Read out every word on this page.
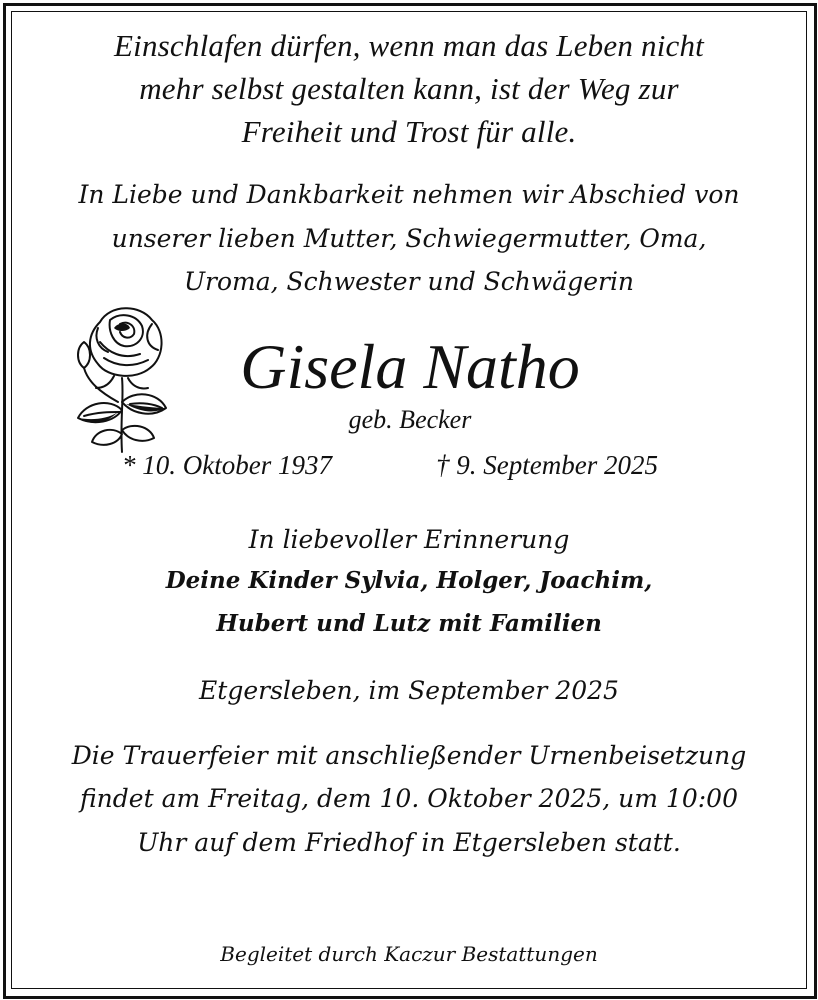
Einschlafen dürfen, wenn man das Leben nicht

mehr selbst gestalten kann, ist der Weg zur

Freiheit und Trost für alle.

In Liebe und Dankbarkeit nehmen wir Abschied von

unserer lieben Mutter, Schwiegermutter, Oma,

Uroma, Schwester und Schwägerin

Gisela Natho
geb. Becker
* 10. Oktober 1937	† 9. September 2025

In liebevoller Erinnerung

Deine Kinder Sylvia, Holger, Joachim,

Hubert und Lutz mit Familien

Etgersleben, im September 2025

Die Trauerfeier mit anschließender Urnenbeisetzung

findet am Freitag, dem 10. Oktober 2025, um 10:00

Uhr auf dem Friedhof in Etgersleben statt.

Begleitet durch Kaczur Bestattungen
